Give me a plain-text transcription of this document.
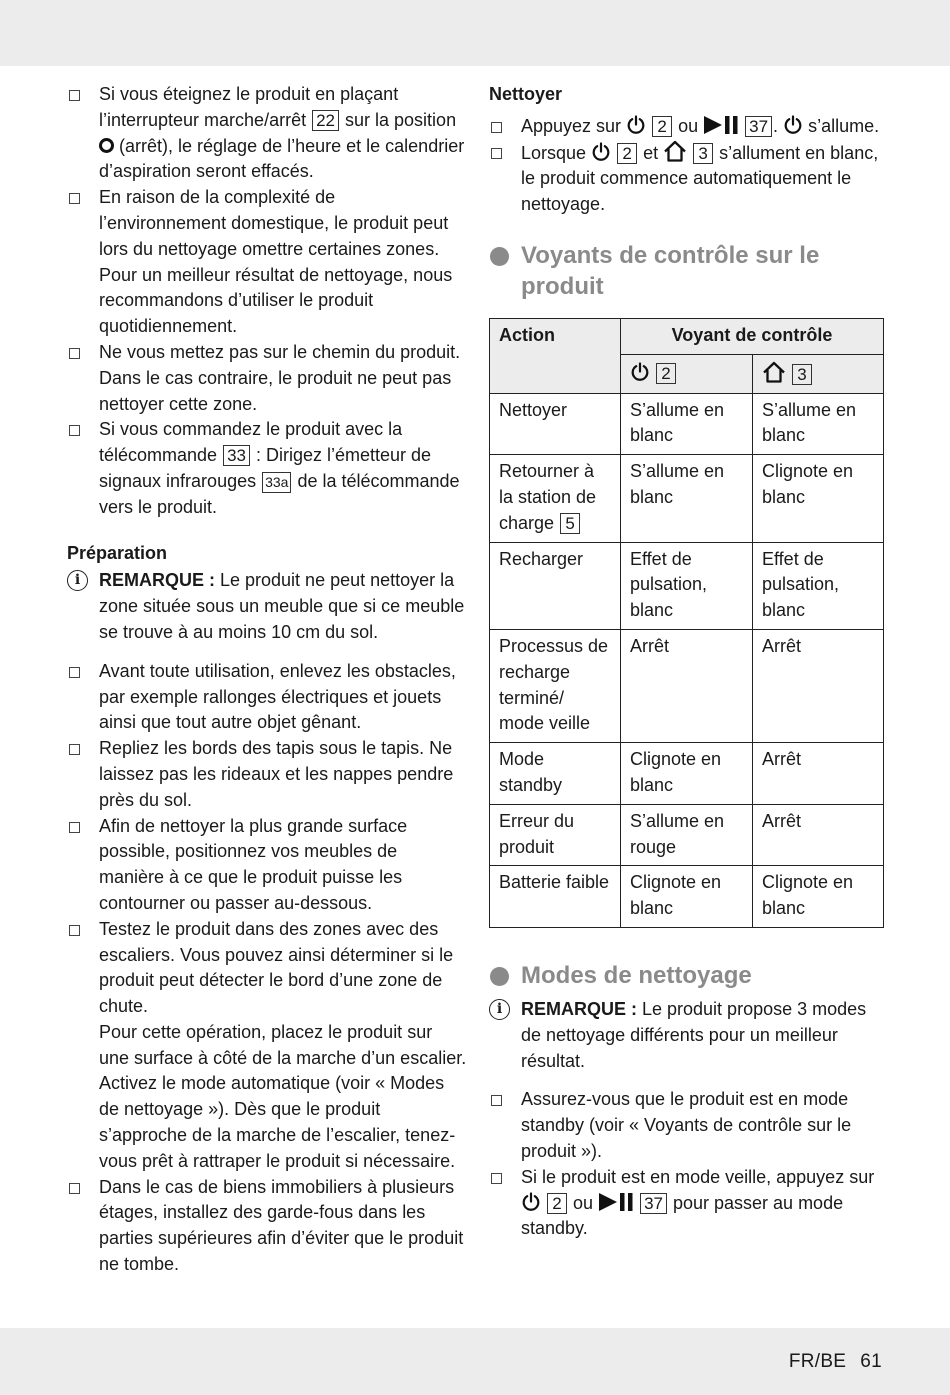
Si vous éteignez le produit en plaçant l’interrupteur marche/arrêt 22 sur la position  (arrêt), le réglage de l’heure et le calendrier d’aspiration seront effacés.
En raison de la complexité de l’environnement domestique, le produit peut lors du nettoyage omettre certaines zones. Pour un meilleur résultat de nettoyage, nous recommandons d’utiliser le produit quotidiennement.
Ne vous mettez pas sur le chemin du produit. Dans le cas contraire, le produit ne peut pas nettoyer cette zone.
Si vous commandez le produit avec la télécommande 33 : Dirigez l’émetteur de signaux infrarouges 33a de la télécommande vers le produit.
Préparation
i	REMARQUE : Le produit ne peut nettoyer la zone située sous un meuble que si ce meuble se trouve à au moins 10 cm du sol.
Avant toute utilisation, enlevez les obstacles, par exemple rallonges électriques et jouets ainsi que tout autre objet gênant.
Repliez les bords des tapis sous le tapis. Ne laissez pas les rideaux et les nappes pendre près du sol.
Afin de nettoyer la plus grande surface possible, positionnez vos meubles de manière à ce que le produit puisse les contourner ou passer au-dessous.
Testez le produit dans des zones avec des escaliers. Vous pouvez ainsi déterminer si le produit peut détecter le bord d’une zone de chute.
Pour cette opération, placez le produit sur une surface à côté de la marche d’un escalier. Activez le mode automatique (voir « Modes de nettoyage »). Dès que le produit s’approche de la marche de l’escalier, tenez-vous prêt à rattraper le produit si nécessaire.
Dans le cas de biens immobiliers à plusieurs étages, installez des garde-fous dans les parties supérieures afin d’éviter que le produit ne tombe.
Nettoyer
Appuyez sur  2 ou	37 .  s’allume.
Lorsque  2 et  3 s’allument en blanc, le produit commence automatiquement le nettoyage.
Voyants de contrôle sur le produit
Action	Voyant de contrôle	
	2	3
Nettoyer	S’allume en blanc	S’allume en blanc
Retourner à la station de charge 5	S’allume en blanc	Clignote en blanc
Recharger	Effet de pulsation, blanc	Effet de pulsation, blanc
Processus de recharge terminé/ mode veille	Arrêt	Arrêt
Mode standby	Clignote en blanc	Arrêt
Erreur du produit	S’allume en rouge	Arrêt
Batterie faible	Clignote en blanc	Clignote en blanc
Modes de nettoyage
i	REMARQUE : Le produit propose 3 modes de nettoyage différents pour un meilleur résultat.
Assurez-vous que le produit est en mode standby (voir « Voyants de contrôle sur le produit »).
Si le produit est en mode veille, appuyez sur  2 ou	37 pour passer au mode standby.
FR/BE 61
